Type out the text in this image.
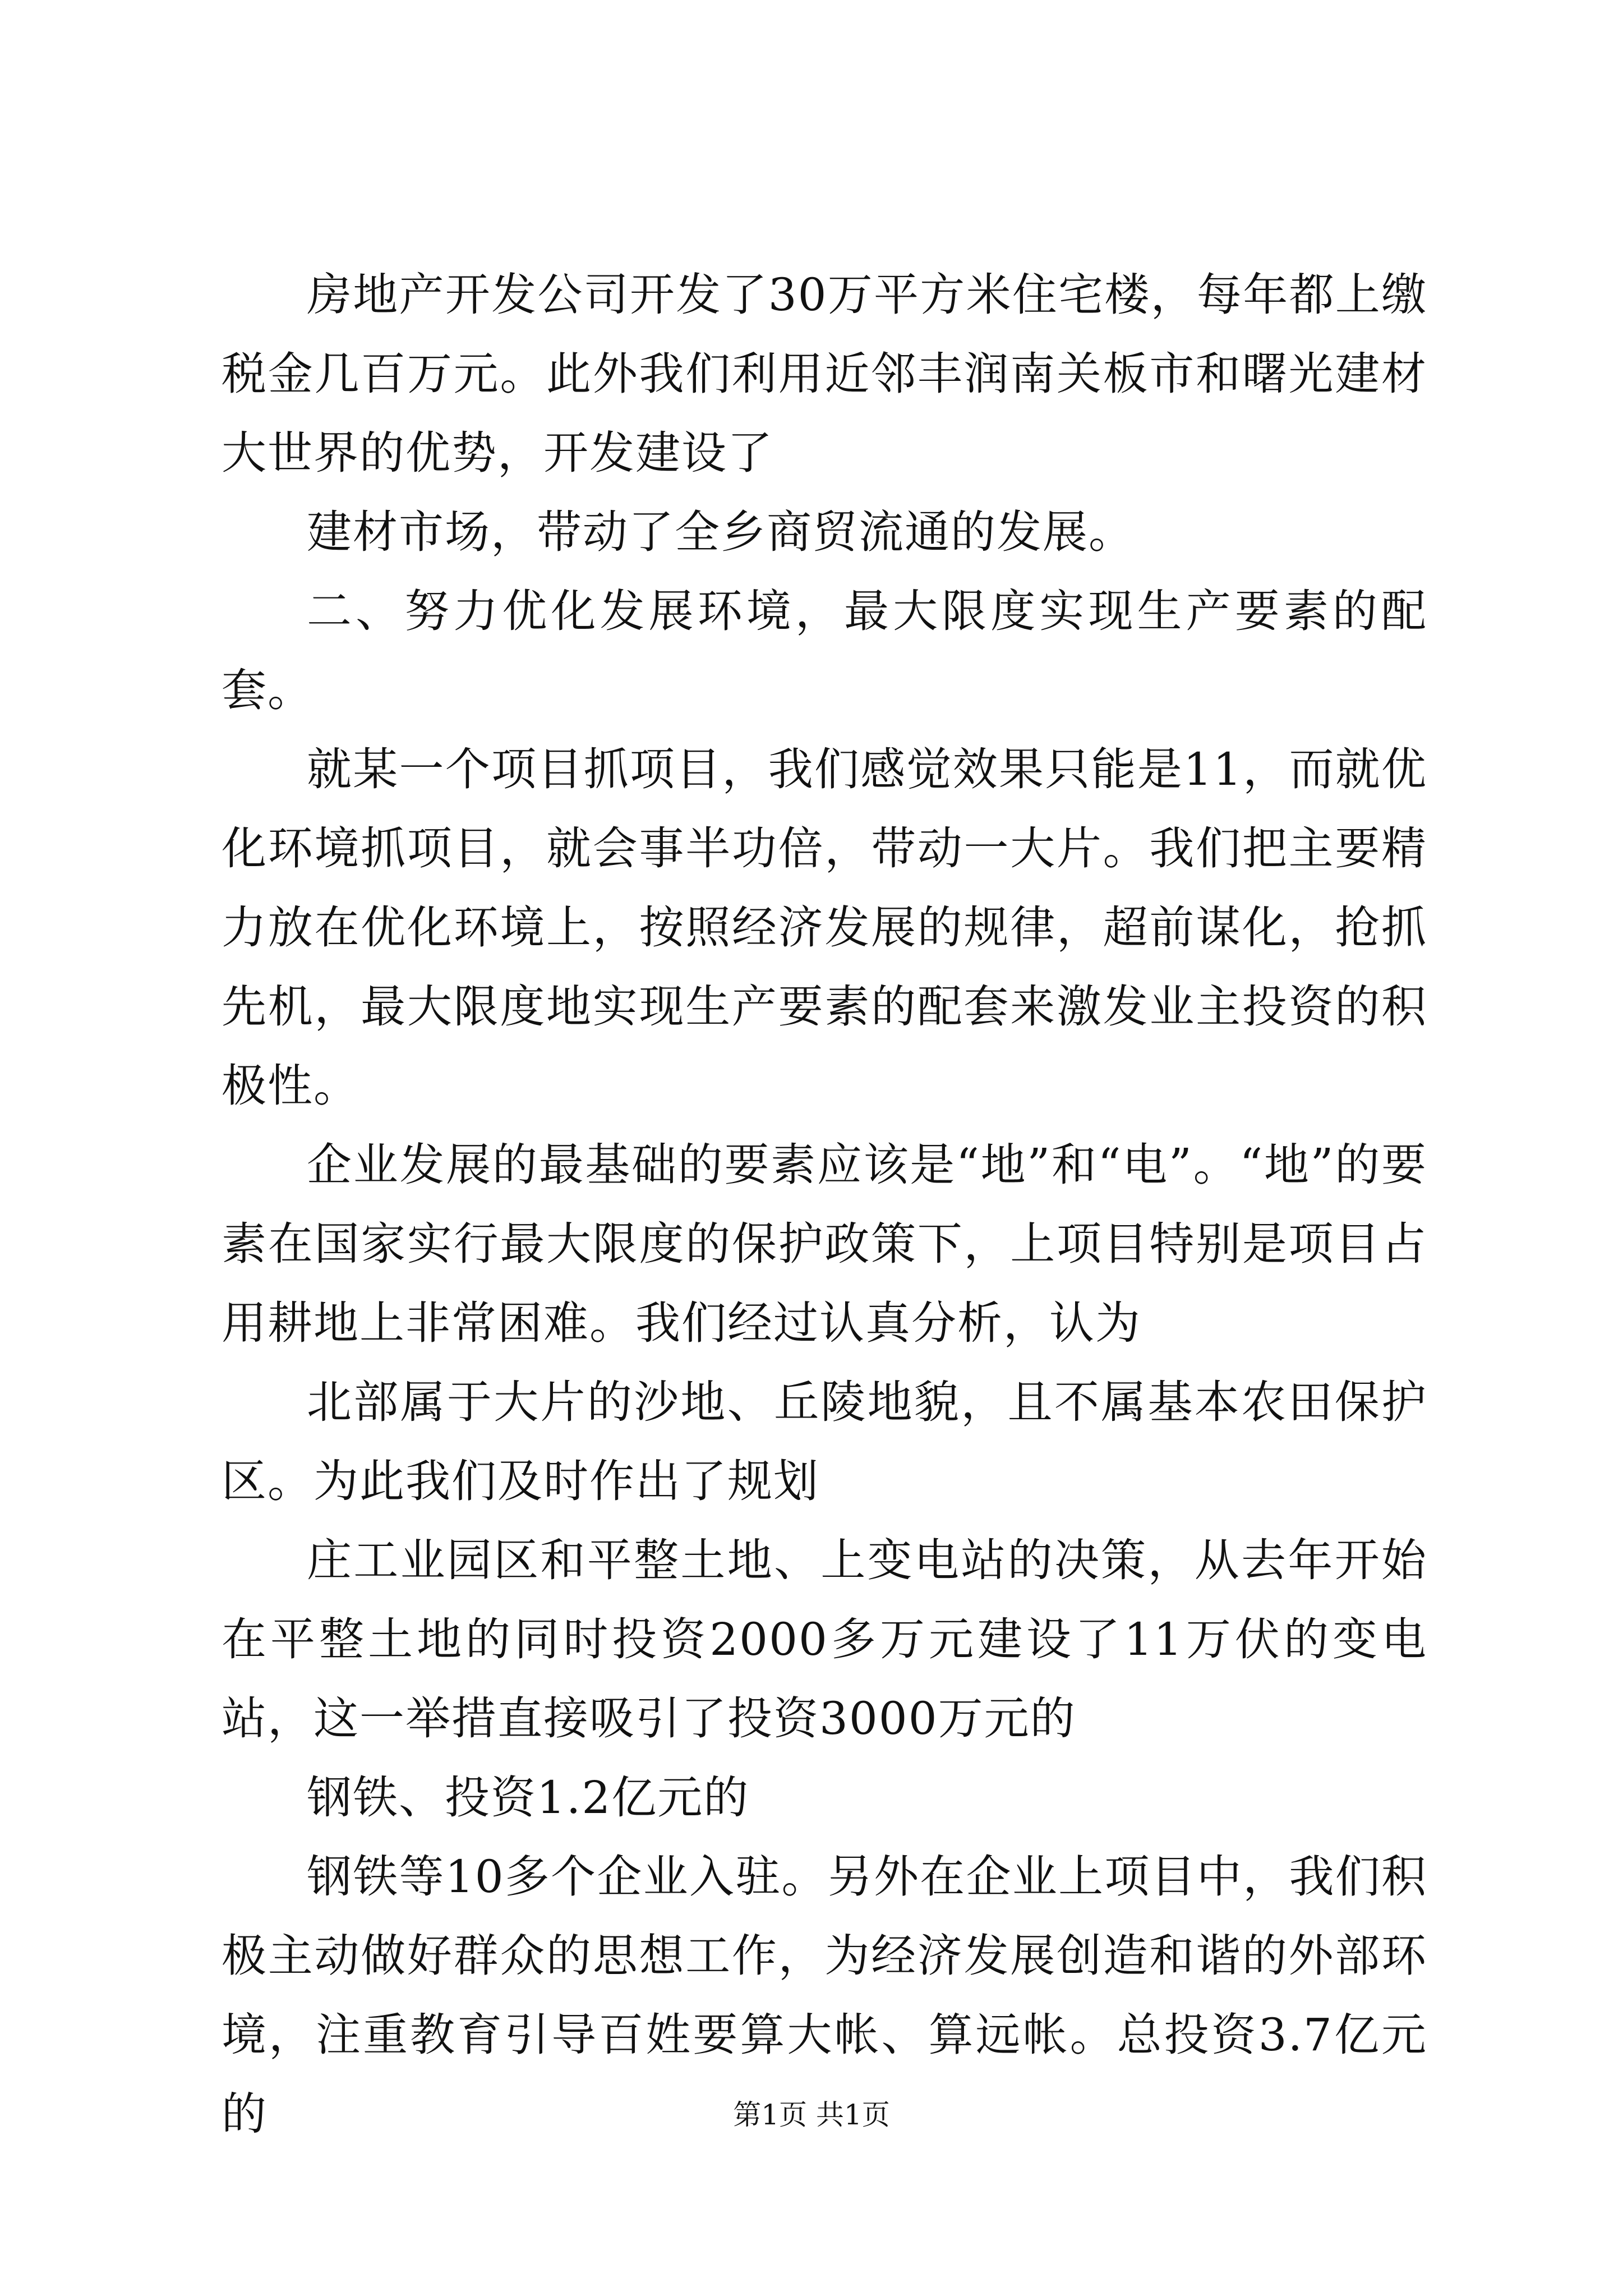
房地产开发公司开发了30万平方米住宅楼，每年都上缴税金几百万元。此外我们利用近邻丰润南关板市和曙光建材大世界的优势，开发建设了

建材市场，带动了全乡商贸流通的发展。

二、努力优化发展环境，最大限度实现生产要素的配套。

就某一个项目抓项目，我们感觉效果只能是11，而就优化环境抓项目，就会事半功倍，带动一大片。我们把主要精力放在优化环境上，按照经济发展的规律，超前谋化，抢抓先机，最大限度地实现生产要素的配套来激发业主投资的积极性。

企业发展的最基础的要素应该是“地”和“电”。“地”的要素在国家实行最大限度的保护政策下，上项目特别是项目占用耕地上非常困难。我们经过认真分析，认为

北部属于大片的沙地、丘陵地貌，且不属基本农田保护区。为此我们及时作出了规划

庄工业园区和平整土地、上变电站的决策，从去年开始在平整土地的同时投资2000多万元建设了11万伏的变电站，这一举措直接吸引了投资3000万元的

钢铁、投资1.2亿元的

钢铁等10多个企业入驻。另外在企业上项目中，我们积极主动做好群众的思想工作，为经济发展创造和谐的外部环境，注重教育引导百姓要算大帐、算远帐。总投资3.7亿元的	第1页 共1页
